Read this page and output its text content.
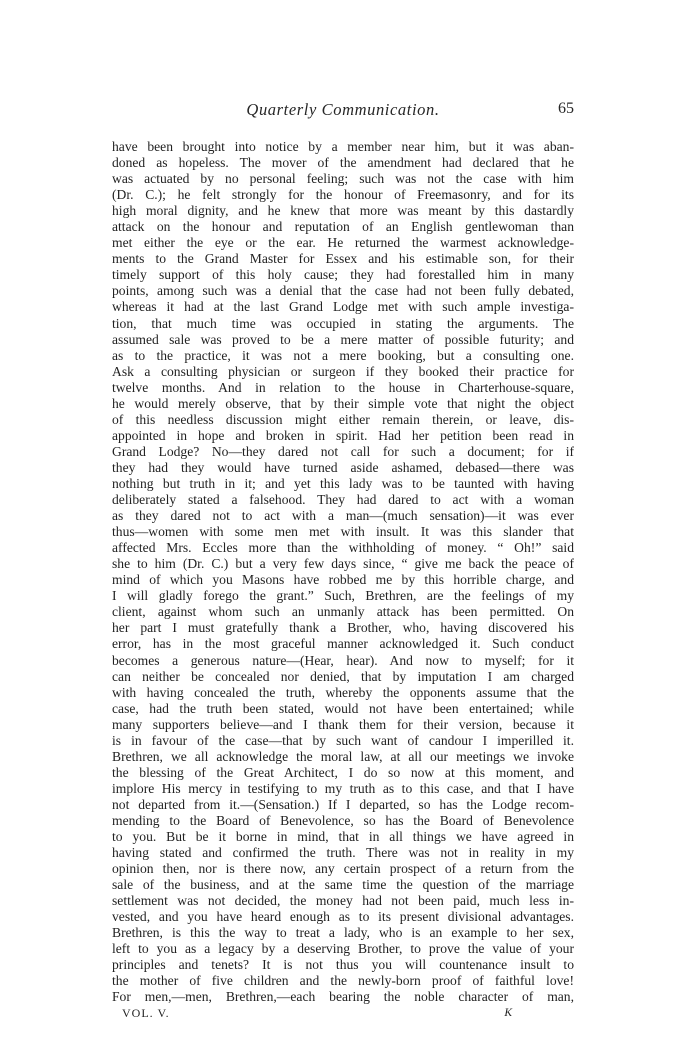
Quarterly Communication.	65
have been brought into notice by a member near him, but it was aban-
doned as hopeless. The mover of the amendment had declared that he
was actuated by no personal feeling; such was not the case with him
(Dr. C.); he felt strongly for the honour of Freemasonry, and for its
high moral dignity, and he knew that more was meant by this dastardly
attack on the honour and reputation of an English gentlewoman than
met either the eye or the ear. He returned the warmest acknowledge-
ments to the Grand Master for Essex and his estimable son, for their
timely support of this holy cause; they had forestalled him in many
points, among such was a denial that the case had not been fully debated,
whereas it had at the last Grand Lodge met with such ample investiga-
tion, that much time was occupied in stating the arguments. The
assumed sale was proved to be a mere matter of possible futurity; and
as to the practice, it was not a mere booking, but a consulting one.
Ask a consulting physician or surgeon if they booked their practice for
twelve months. And in relation to the house in Charterhouse-square,
he would merely observe, that by their simple vote that night the object
of this needless discussion might either remain therein, or leave, dis-
appointed in hope and broken in spirit. Had her petition been read in
Grand Lodge? No—they dared not call for such a document; for if
they had they would have turned aside ashamed, debased—there was
nothing but truth in it; and yet this lady was to be taunted with having
deliberately stated a falsehood. They had dared to act with a woman
as they dared not to act with a man—(much sensation)—it was ever
thus—women with some men met with insult. It was this slander that
affected Mrs. Eccles more than the withholding of money. “ Oh!” said
she to him (Dr. C.) but a very few days since, “ give me back the peace of
mind of which you Masons have robbed me by this horrible charge, and
I will gladly forego the grant.” Such, Brethren, are the feelings of my
client, against whom such an unmanly attack has been permitted. On
her part I must gratefully thank a Brother, who, having discovered his
error, has in the most graceful manner acknowledged it. Such conduct
becomes a generous nature—(Hear, hear). And now to myself; for it
can neither be concealed nor denied, that by imputation I am charged
with having concealed the truth, whereby the opponents assume that the
case, had the truth been stated, would not have been entertained; while
many supporters believe—and I thank them for their version, because it
is in favour of the case—that by such want of candour I imperilled it.
Brethren, we all acknowledge the moral law, at all our meetings we invoke
the blessing of the Great Architect, I do so now at this moment, and
implore His mercy in testifying to my truth as to this case, and that I have
not departed from it.—(Sensation.) If I departed, so has the Lodge recom-
mending to the Board of Benevolence, so has the Board of Benevolence
to you. But be it borne in mind, that in all things we have agreed in
having stated and confirmed the truth. There was not in reality in my
opinion then, nor is there now, any certain prospect of a return from the
sale of the business, and at the same time the question of the marriage
settlement was not decided, the money had not been paid, much less in-
vested, and you have heard enough as to its present divisional advantages.
Brethren, is this the way to treat a lady, who is an example to her sex,
left to you as a legacy by a deserving Brother, to prove the value of your
principles and tenets? It is not thus you will countenance insult to
the mother of five children and the newly-born proof of faithful love!
For men,—men, Brethren,—each bearing the noble character of man,
VOL. V.	K
